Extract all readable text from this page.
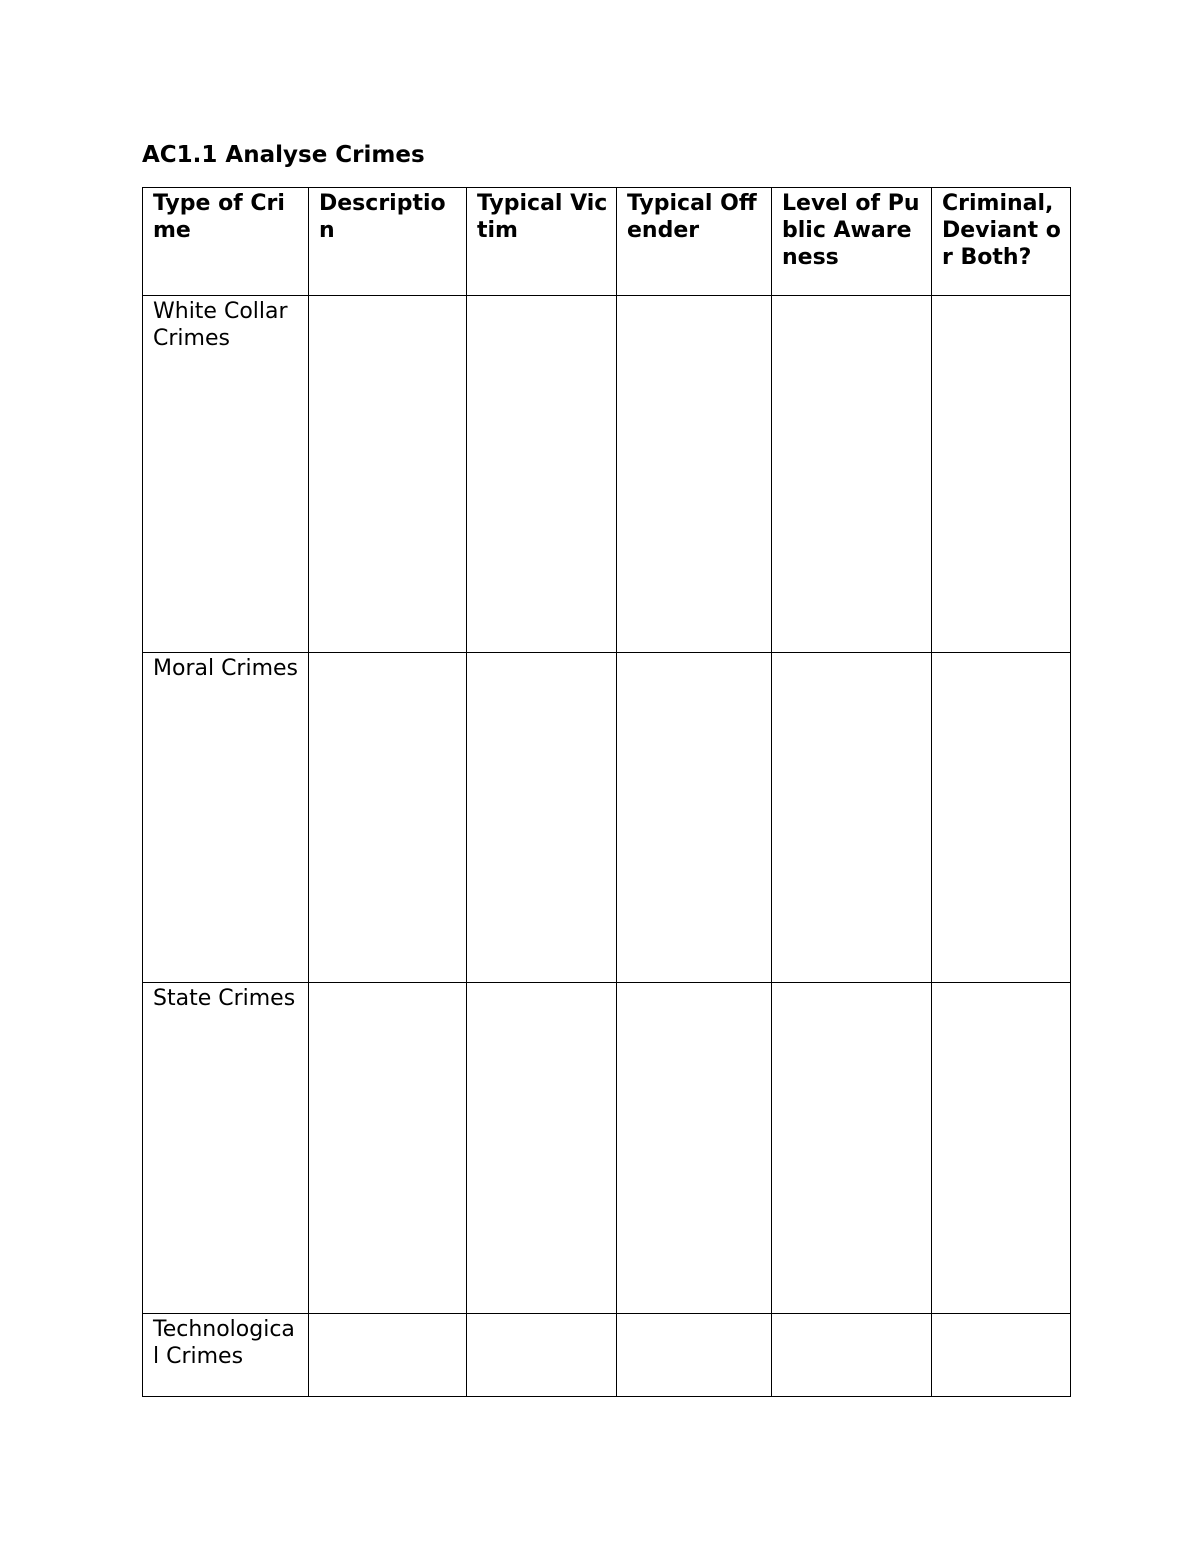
AC1.1 Analyse Crimes
Type of Crime	Description	Typical Victim	Typical Offender	Level of Public Awareness	Criminal, Deviant or Both?
White Collar Crimes					
Moral Crimes					
State Crimes					
Technological Crimes					
